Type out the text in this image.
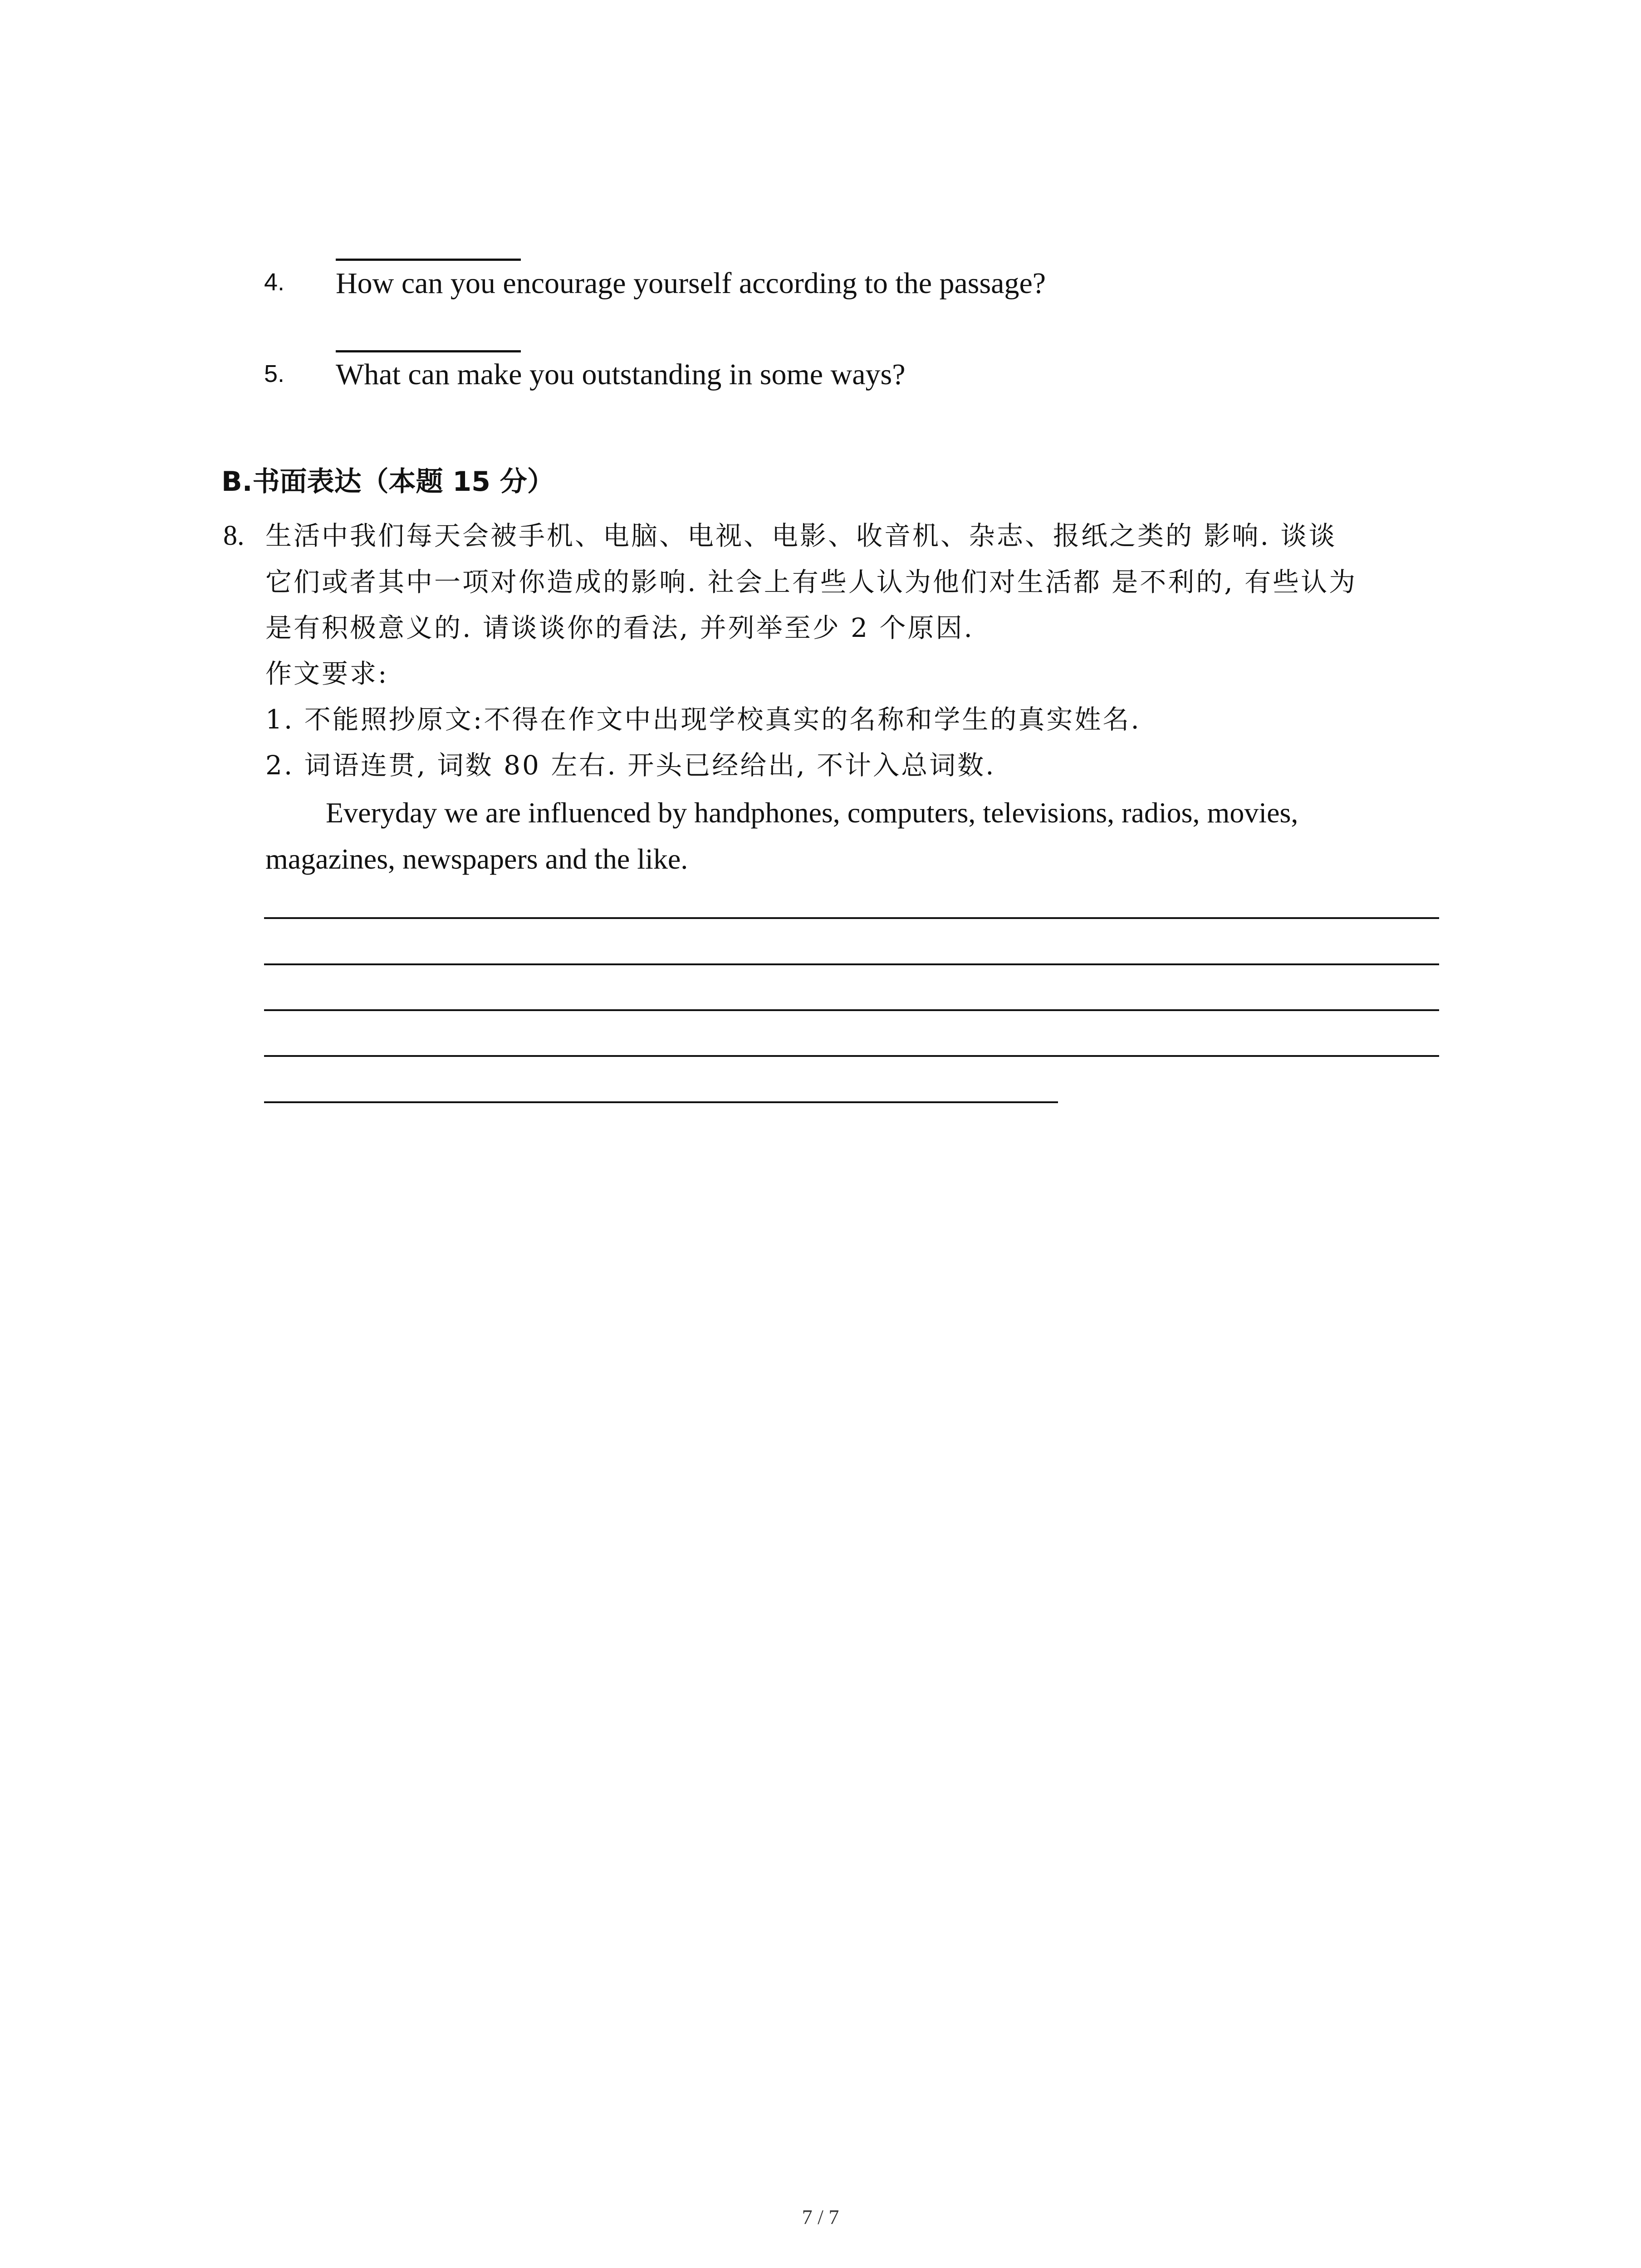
4. How can you encourage yourself according to the passage?
5. What can make you outstanding in some ways?
B.书面表达（本题 15 分）
8. 生活中我们每天会被手机、电脑、电视、电影、收音机、杂志、报纸之类的 影响. 谈谈
它们或者其中一项对你造成的影响. 社会上有些人认为他们对生活都 是不利的, 有些认为
是有积极意义的. 请谈谈你的看法, 并列举至少 2 个原因.
作文要求:
1. 不能照抄原文:不得在作文中出现学校真实的名称和学生的真实姓名.
2. 词语连贯, 词数 80 左右. 开头已经给出, 不计入总词数.
Everyday we are influenced by handphones, computers, televisions, radios, movies,
magazines, newspapers and the like.
7 / 7
